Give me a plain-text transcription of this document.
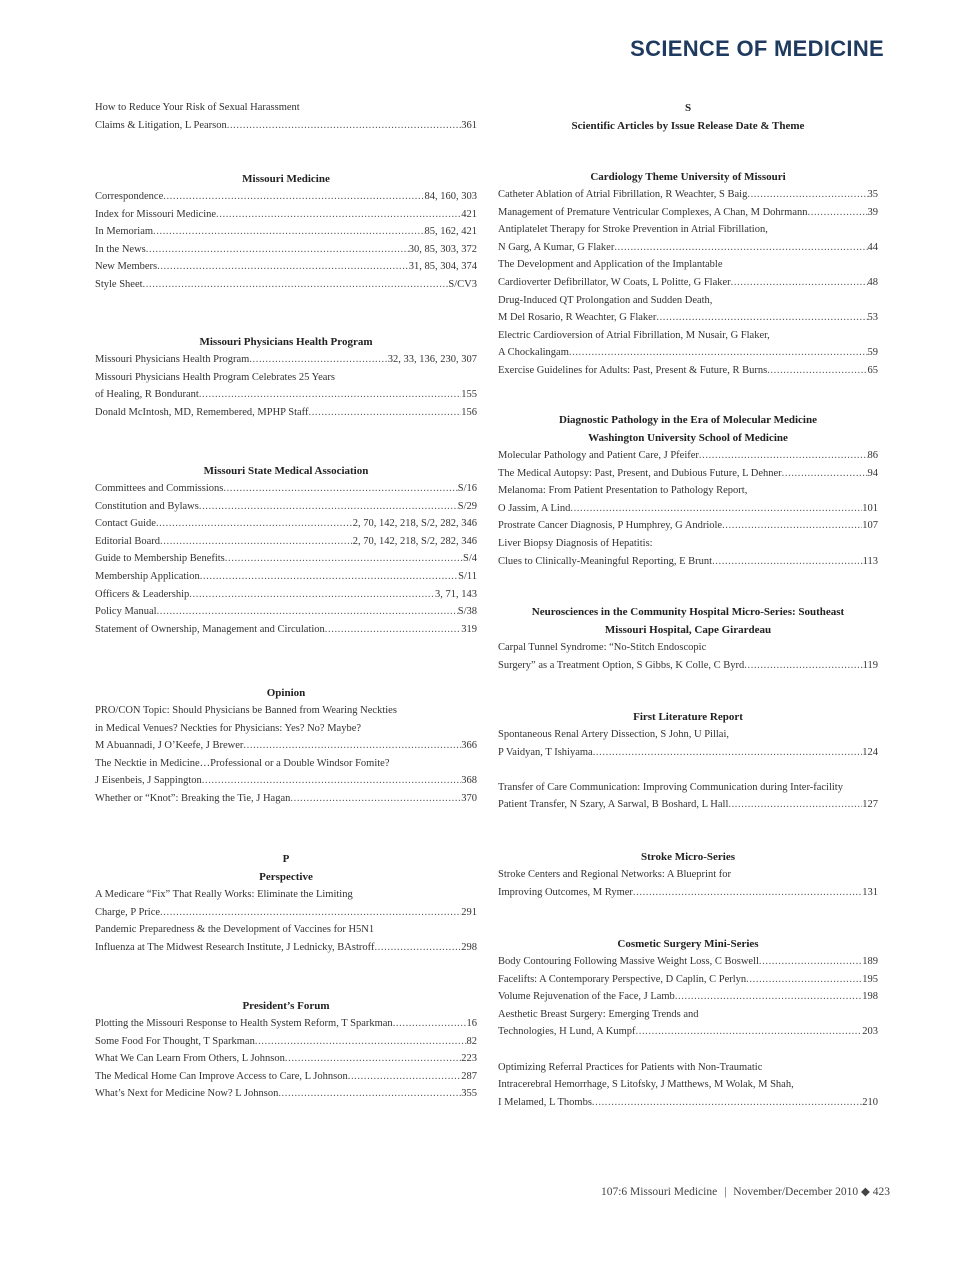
SCIENCE OF MEDICINE
How to Reduce Your Risk of Sexual Harassment
Claims & Litigation, L Pearson .....	361
Missouri Medicine
Correspondence .....	84, 160, 303
Index for Missouri Medicine .....	421
In Memoriam .....	85, 162, 421
In the News .....	30, 85, 303, 372
New Members .....	31, 85, 304, 374
Style Sheet .....	S/CV3
Missouri Physicians Health Program
Missouri Physicians Health Program .....	32, 33, 136, 230, 307
Missouri Physicians Health Program Celebrates 25 Years
of Healing, R Bondurant .....	155
Donald McIntosh, MD, Remembered, MPHP Staff .....	156
Missouri State Medical Association
Committees and Commissions .....	S/16
Constitution and Bylaws .....	S/29
Contact Guide .....	2, 70, 142, 218, S/2, 282, 346
Editorial Board .....	2, 70, 142, 218, S/2, 282, 346
Guide to Membership Benefits .....	S/4
Membership Application .....	S/11
Officers & Leadership .....	3, 71, 143
Policy Manual .....	S/38
Statement of Ownership, Management and Circulation .....	319
Opinion
PRO/CON Topic: Should Physicians be Banned from Wearing Neckties
in Medical Venues? Neckties for Physicians: Yes? No? Maybe?
M Abuannadi, J O’Keefe, J Brewer .....	366
The Necktie in Medicine…Professional or a Double Windsor Fomite?
J Eisenbeis, J Sappington .....	368
Whether or “Knot”: Breaking the Tie, J Hagan .....	370
P
Perspective
A Medicare “Fix” That Really Works: Eliminate the Limiting
Charge, P Price .....	291
Pandemic Preparedness & the Development of Vaccines for H5N1
Influenza at The Midwest Research Institute, J Lednicky, BAstroff .....	298
President’s Forum
Plotting the Missouri Response to Health System Reform, T Sparkman .....	16
Some Food For Thought, T Sparkman .....	82
What We Can Learn From Others, L Johnson .....	223
The Medical Home Can Improve Access to Care, L Johnson .....	287
What’s Next for Medicine Now? L Johnson .....	355
S
Scientific Articles by Issue Release Date & Theme
Cardiology Theme University of Missouri
Catheter Ablation of Atrial Fibrillation, R Weachter, S Baig .....	35
Management of Premature Ventricular Complexes, A Chan, M Dohrmann .....	39
Antiplatelet Therapy for Stroke Prevention in Atrial Fibrillation,
N Garg, A Kumar, G Flaker .....	44
The Development and Application of the Implantable
Cardioverter Defibrillator, W Coats, L Politte, G Flaker .....	48
Drug-Induced QT Prolongation and Sudden Death,
M Del Rosario, R Weachter, G Flaker .....	53
Electric Cardioversion of Atrial Fibrillation, M Nusair, G Flaker,
A Chockalingam .....	59
Exercise Guidelines for Adults: Past, Present & Future, R Burns .....	65
Diagnostic Pathology in the Era of Molecular Medicine
Washington University School of Medicine
Molecular Pathology and Patient Care, J Pfeifer .....	86
The Medical Autopsy: Past, Present, and Dubious Future, L Dehner .....	94
Melanoma: From Patient Presentation to Pathology Report,
O Jassim, A Lind .....	101
Prostrate Cancer Diagnosis, P Humphrey, G Andriole .....	107
Liver Biopsy Diagnosis of Hepatitis:
Clues to Clinically-Meaningful Reporting, E Brunt .....	113
Neurosciences in the Community Hospital Micro-Series: Southeast
Missouri Hospital, Cape Girardeau
Carpal Tunnel Syndrome: “No-Stitch Endoscopic
Surgery” as a Treatment Option, S Gibbs, K Colle, C Byrd .....	119
First Literature Report
Spontaneous Renal Artery Dissection, S John, U Pillai,
P Vaidyan, T Ishiyama .....	124
Transfer of Care Communication: Improving Communication during Inter-facility
Patient Transfer, N Szary, A Sarwal, B Boshard, L Hall .....	127
Stroke Micro-Series
Stroke Centers and Regional Networks: A Blueprint for
Improving Outcomes, M Rymer .....	131
Cosmetic Surgery Mini-Series
Body Contouring Following Massive Weight Loss, C Boswell .....	189
Facelifts: A Contemporary Perspective, D Caplin, C Perlyn .....	195
Volume Rejuvenation of the Face, J Lamb .....	198
Aesthetic Breast Surgery: Emerging Trends and
Technologies, H Lund, A Kumpf .....	203
Optimizing Referral Practices for Patients with Non-Traumatic
Intracerebral Hemorrhage, S Litofsky, J Matthews, M Wolak, M Shah,
I Melamed, L Thombs .....	210
107:6 Missouri Medicine | November/December 2010 ◆ 423
